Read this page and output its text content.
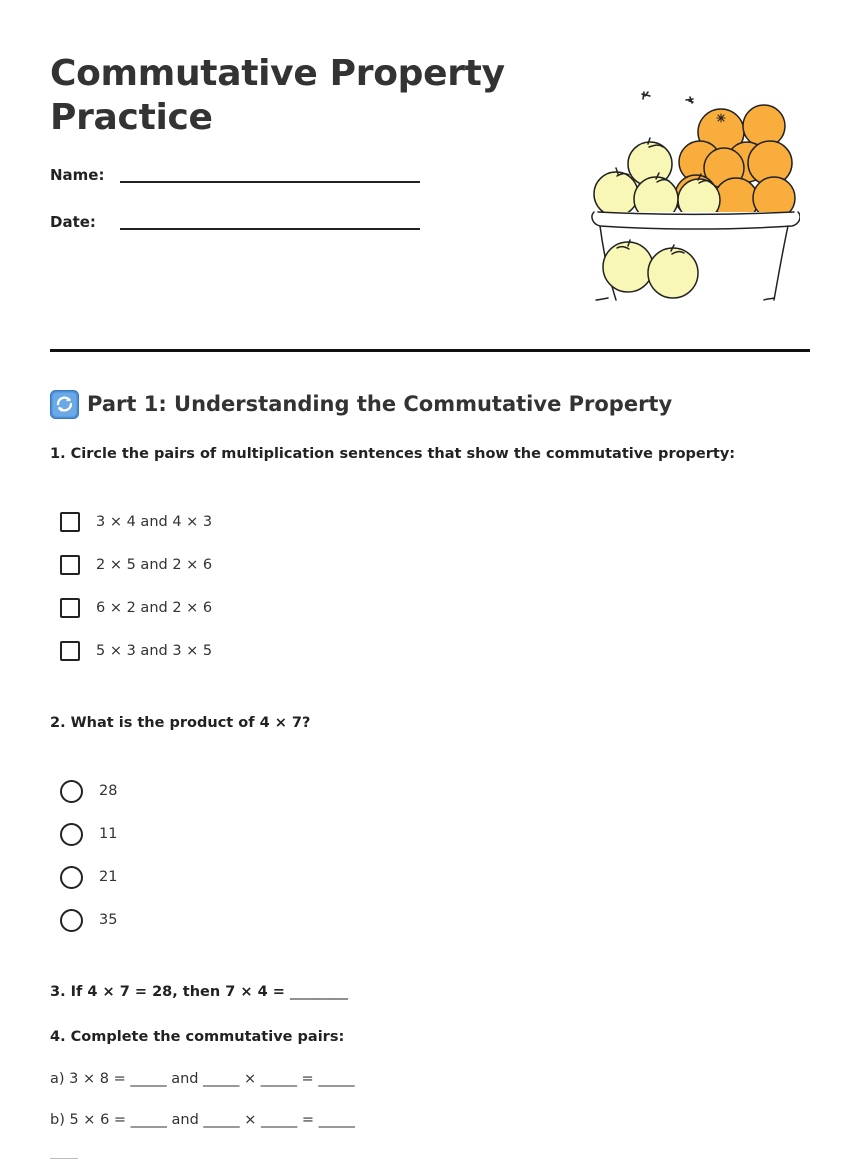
Commutative Property Practice
Name:
Date:
Part 1: Understanding the Commutative Property
1. Circle the pairs of multiplication sentences that show the commutative property:
3 × 4 and 4 × 3
2 × 5 and 2 × 6
6 × 2 and 2 × 6
5 × 3 and 3 × 5
2. What is the product of 4 × 7?
28
11
21
35
3. If 4 × 7 = 28, then 7 × 4 = ________
4. Complete the commutative pairs:
a) 3 × 8 = _____ and _____ × _____ = _____
b) 5 × 6 = _____ and _____ × _____ = _____
